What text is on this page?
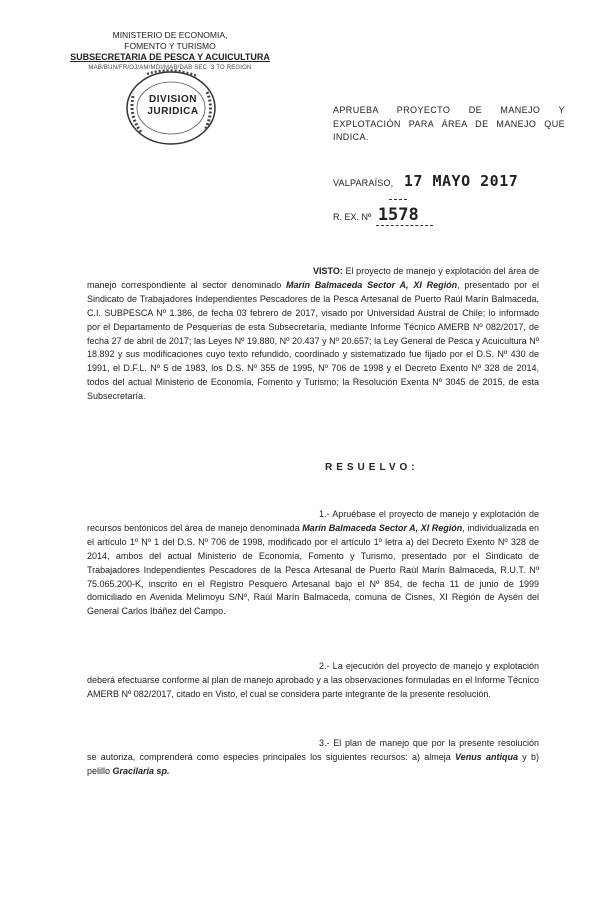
MINISTERIO DE ECONOMIA,
FOMENTO Y TURISMO
SUBSECRETARIA DE PESCA Y ACUICULTURA
MAB/BUN/FR/OJ/AM/MDI/MAB/DAB SEC. 3 TO REGION
DIVISION
JURIDICA	APRUEBA PROYECTO DE MANEJO Y EXPLOTACIÓN PARA ÁREA DE MANEJO QUE INDICA.
VALPARAÍSO, 17 MAYO 2017
R. EX. Nº 1578
VISTO: El proyecto de manejo y explotación del área de manejo correspondiente al sector denominado Marín Balmaceda Sector A, XI Región, presentado por el Sindicato de Trabajadores Independientes Pescadores de la Pesca Artesanal de Puerto Raúl Marín Balmaceda, C.I. SUBPESCA Nº 1.386, de fecha 03 febrero de 2017, visado por Universidad Austral de Chile; lo informado por el Departamento de Pesquerías de esta Subsecretaría, mediante Informe Técnico AMERB Nº 082/2017, de fecha 27 de abril de 2017; las Leyes Nº 19.880, Nº 20.437 y Nº 20.657; la Ley General de Pesca y Acuicultura Nº 18.892 y sus modificaciones cuyo texto refundido, coordinado y sistematizado fue fijado por el D.S. Nº 430 de 1991, el D.F.L. Nº 5 de 1983, los D.S. Nº 355 de 1995, Nº 706 de 1998 y el Decreto Exento Nº 328 de 2014, todos del actual Ministerio de Economía, Fomento y Turismo; la Resolución Exenta Nº 3045 de 2015, de esta Subsecretaría.
RESUELVO:
1.- Apruébase el proyecto de manejo y explotación de recursos bentónicos del área de manejo denominada Marín Balmaceda Sector A, XI Región, individualizada en el artículo 1º Nº 1 del D.S. Nº 706 de 1998, modificado por el artículo 1º letra a) del Decreto Exento Nº 328 de 2014, ambos del actual Ministerio de Economía, Fomento y Turismo, presentado por el Sindicato de Trabajadores Independientes Pescadores de la Pesca Artesanal de Puerto Raúl Marín Balmaceda, R.U.T. Nº 75.065.200-K, inscrito en el Registro Pesquero Artesanal bajo el Nº 854, de fecha 11 de junio de 1999 domiciliado en Avenida Melimoyu S/Nº, Raúl Marín Balmaceda, comuna de Cisnes, XI Región de Aysén del General Carlos Ibáñez del Campo.
2.- La ejecución del proyecto de manejo y explotación deberá efectuarse conforme al plan de manejo aprobado y a las observaciones formuladas en el Informe Técnico AMERB Nº 082/2017, citado en Visto, el cual se considera parte integrante de la presente resolución.
3.- El plan de manejo que por la presente resolución se autoriza, comprenderá como especies principales los siguientes recursos: a) almeja Venus antiqua y b) pelillo Gracilaria sp.
